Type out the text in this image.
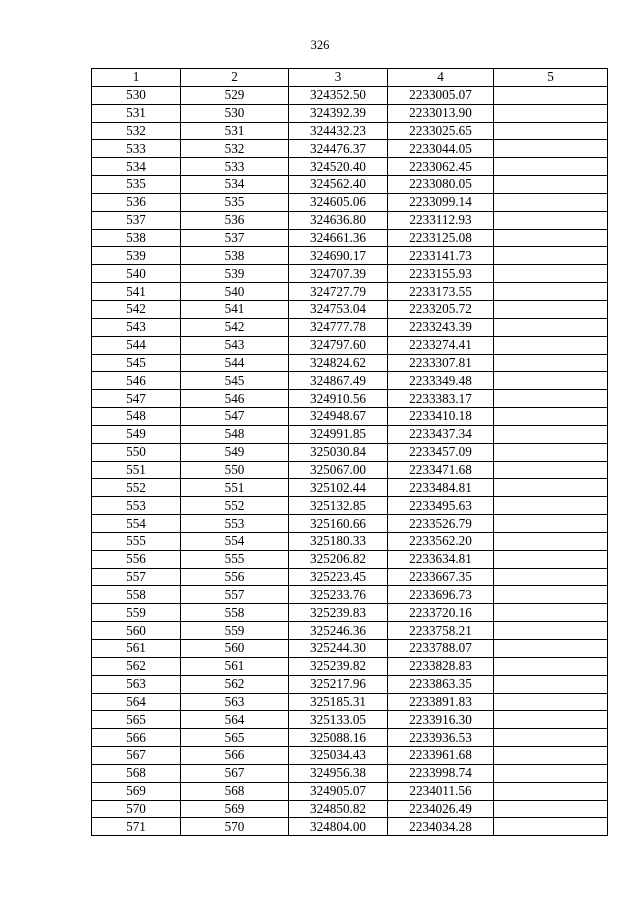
326
1	2	3	4	5
530	529	324352.50	2233005.07	
531	530	324392.39	2233013.90	
532	531	324432.23	2233025.65	
533	532	324476.37	2233044.05	
534	533	324520.40	2233062.45	
535	534	324562.40	2233080.05	
536	535	324605.06	2233099.14	
537	536	324636.80	2233112.93	
538	537	324661.36	2233125.08	
539	538	324690.17	2233141.73	
540	539	324707.39	2233155.93	
541	540	324727.79	2233173.55	
542	541	324753.04	2233205.72	
543	542	324777.78	2233243.39	
544	543	324797.60	2233274.41	
545	544	324824.62	2233307.81	
546	545	324867.49	2233349.48	
547	546	324910.56	2233383.17	
548	547	324948.67	2233410.18	
549	548	324991.85	2233437.34	
550	549	325030.84	2233457.09	
551	550	325067.00	2233471.68	
552	551	325102.44	2233484.81	
553	552	325132.85	2233495.63	
554	553	325160.66	2233526.79	
555	554	325180.33	2233562.20	
556	555	325206.82	2233634.81	
557	556	325223.45	2233667.35	
558	557	325233.76	2233696.73	
559	558	325239.83	2233720.16	
560	559	325246.36	2233758.21	
561	560	325244.30	2233788.07	
562	561	325239.82	2233828.83	
563	562	325217.96	2233863.35	
564	563	325185.31	2233891.83	
565	564	325133.05	2233916.30	
566	565	325088.16	2233936.53	
567	566	325034.43	2233961.68	
568	567	324956.38	2233998.74	
569	568	324905.07	2234011.56	
570	569	324850.82	2234026.49	
571	570	324804.00	2234034.28	
